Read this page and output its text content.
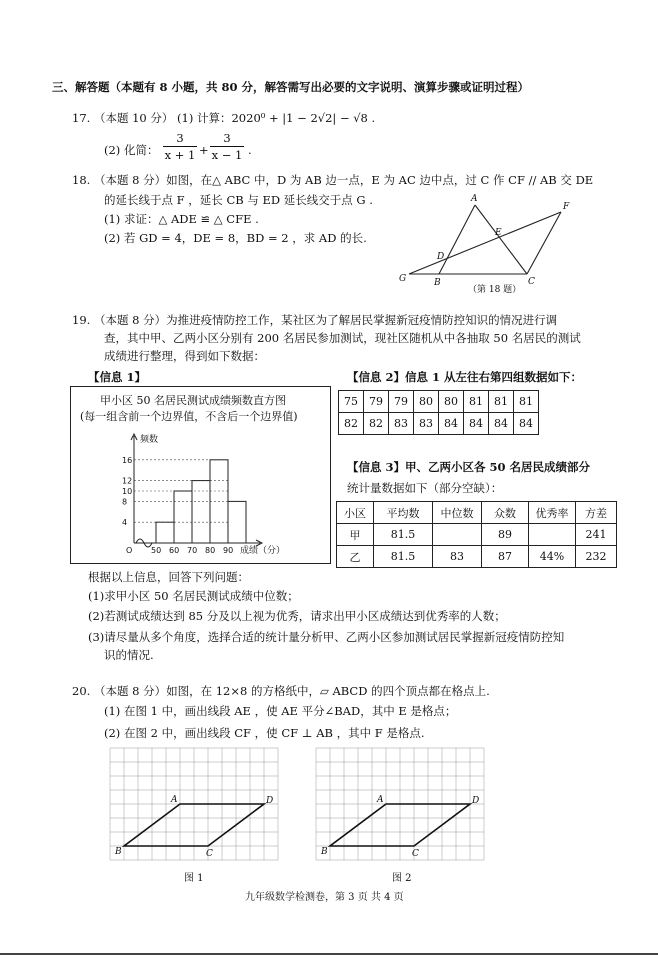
三、解答题（本题有 8 小题，共 80 分，解答需写出必要的文字说明、演算步骤或证明过程）
17. （本题 10 分） (1) 计算：2020⁰ + |1 − 2√2| − √8 .
(2) 化简：
3
x + 1 +
3
x − 1 .
18. （本题 8 分）如图，在△ ABC 中，D 为 AB 边一点，E 为 AC 边中点，过 C 作 CF // AB 交 DE
的延长线于点 F ，延长 CB 与 ED 延长线交于点 G .
(1) 求证：△ ADE ≌ △ CFE .
(2) 若 GD = 4，DE = 8，BD = 2 ，求 AD 的长.
A
F
E
D
G	B	C
（第 18 题）
19. （本题 8 分）为推进疫情防控工作，某社区为了解居民掌握新冠疫情防控知识的情况进行调
查，其中甲、乙两小区分别有 200 名居民参加测试，现社区随机从中各抽取 50 名居民的测试
成绩进行整理，得到如下数据：
【信息 1】
甲小区 50 名居民测试成绩频数直方图
(每一组含前一个边界值，不含后一个边界值)
4
8
10
12
16
O 50 60 70 80 90
频数
成绩（分）
【信息 2】信息 1 从左往右第四组数据如下：
75	79	79	80	80	81	81	81
82	82	83	83	84	84	84	84
【信息 3】甲、乙两小区各 50 名居民成绩部分
统计量数据如下（部分空缺）：
小区	平均数	中位数	众数	优秀率	方差
甲	81.5		89		241
乙	81.5	83	87	44%	232
根据以上信息，回答下列问题：
(1)求甲小区 50 名居民测试成绩中位数；
(2)若测试成绩达到 85 分及以上视为优秀，请求出甲小区成绩达到优秀率的人数；
(3)请尽量从多个角度，选择合适的统计量分析甲、乙两小区参加测试居民掌握新冠疫情防控知
识的情况.
20. （本题 8 分）如图，在 12×8 的方格纸中，▱ ABCD 的四个顶点都在格点上.
(1) 在图 1 中，画出线段 AE ，使 AE 平分∠BAD，其中 E 是格点；
(2) 在图 2 中，画出线段 CF ，使 CF ⊥ AB ，其中 F 是格点.
A	D
B	C
图 1
A	D
B	C
图 2
九年级数学检测卷，第 3 页 共 4 页
